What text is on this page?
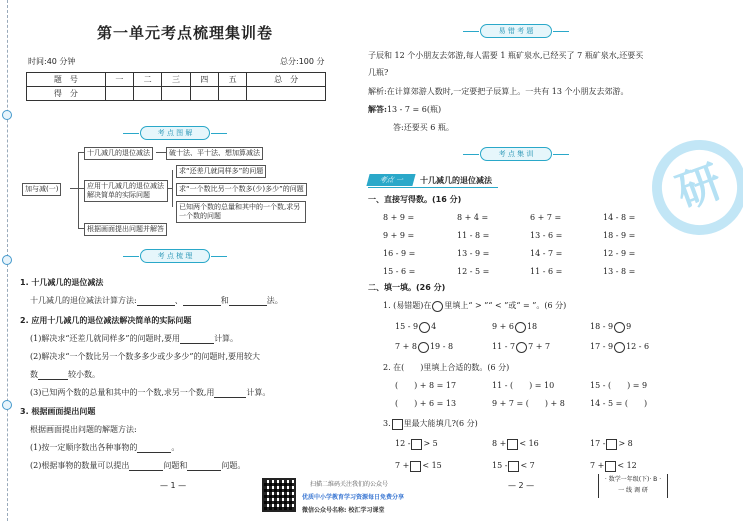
第一单元考点梳理集训卷
时间:40 分钟	总分:100 分
题　号	一	二	三	四	五	总　分
得　分						
考 点 图 解
加与减(一)
十几减几的退位减法	破十法、平十法、想加算减法
应用十几减几的退位减法解决简单的实际问题
求“还差几就同样多”的问题
求“一个数比另一个数多(少)多少”的问题
已知两个数的总量和其中的一个数,求另一个数的问题
根据画面提出问题并解答
考 点 梳 理
1. 十几减几的退位减法
十几减几的退位减法计算方法:	、	和	法。
2. 应用十几减几的退位减法解决简单的实际问题
(1)解决求“还差几就同样多”的问题时,要用	计算。
(2)解决求“一个数比另一个数多多少或少多少”的问题时,要用较大
数	较小数。
(3)已知两个数的总量和其中的一个数,求另一个数,用	计算。
3. 根据画面提出问题
根据画面提出问题的解题方法:
(1)按一定顺序数出各种事物的	。
(2)根据事物的数量可以提出	问题和	问题。
— 1 —	扫描二维码关注我们的公众号
优质中小学教育学习资源每日免费分享
微信公众号名称: 校汇学习课堂
研
易 错 考 题
子辰和 12 个小朋友去郊游,每人需要 1 瓶矿泉水,已经买了 7 瓶矿泉水,还要买
几瓶?
解析:在计算郊游人数时,一定要把子辰算上。一共有 13 个小朋友去郊游。
解答:13 - 7 = 6(瓶)
答:还要买 6 瓶。
考 点 集 训
考点 一	十几减几的退位减法
一、直接写得数。(16 分)
8 + 9 =	8 + 4 =	6 + 7 =	14 - 8 =
9 + 9 =	11 - 8 =	13 - 6 =	18 - 9 =
16 - 9 =	13 - 9 =	14 - 7 =	12 - 9 =
15 - 6 =	12 - 5 =	11 - 6 =	13 - 8 =
二、填一填。(26 分)
1. (易错题)在 里填上“ > ”“ < ”或“ = ”。(6 分)
15 - 9 4	9 + 6 18	18 - 9 9
7 + 8 19 - 8	11 - 7 7 + 7	17 - 9 12 - 6
2. 在(　　)里填上合适的数。(6 分)
(　　) + 8 = 17	11 - (　　) = 10	15 - (　　) = 9
(　　) + 6 = 13	9 + 7 = (　　) + 8	14 - 5 = (　　)
3. 里最大能填几?(6 分)
12 - > 5	8 + < 16	17 - > 8
7 + < 15	15 - < 7	7 + < 12
— 2 —
· 数学一年级(下)· B ·
一 线 调 研
